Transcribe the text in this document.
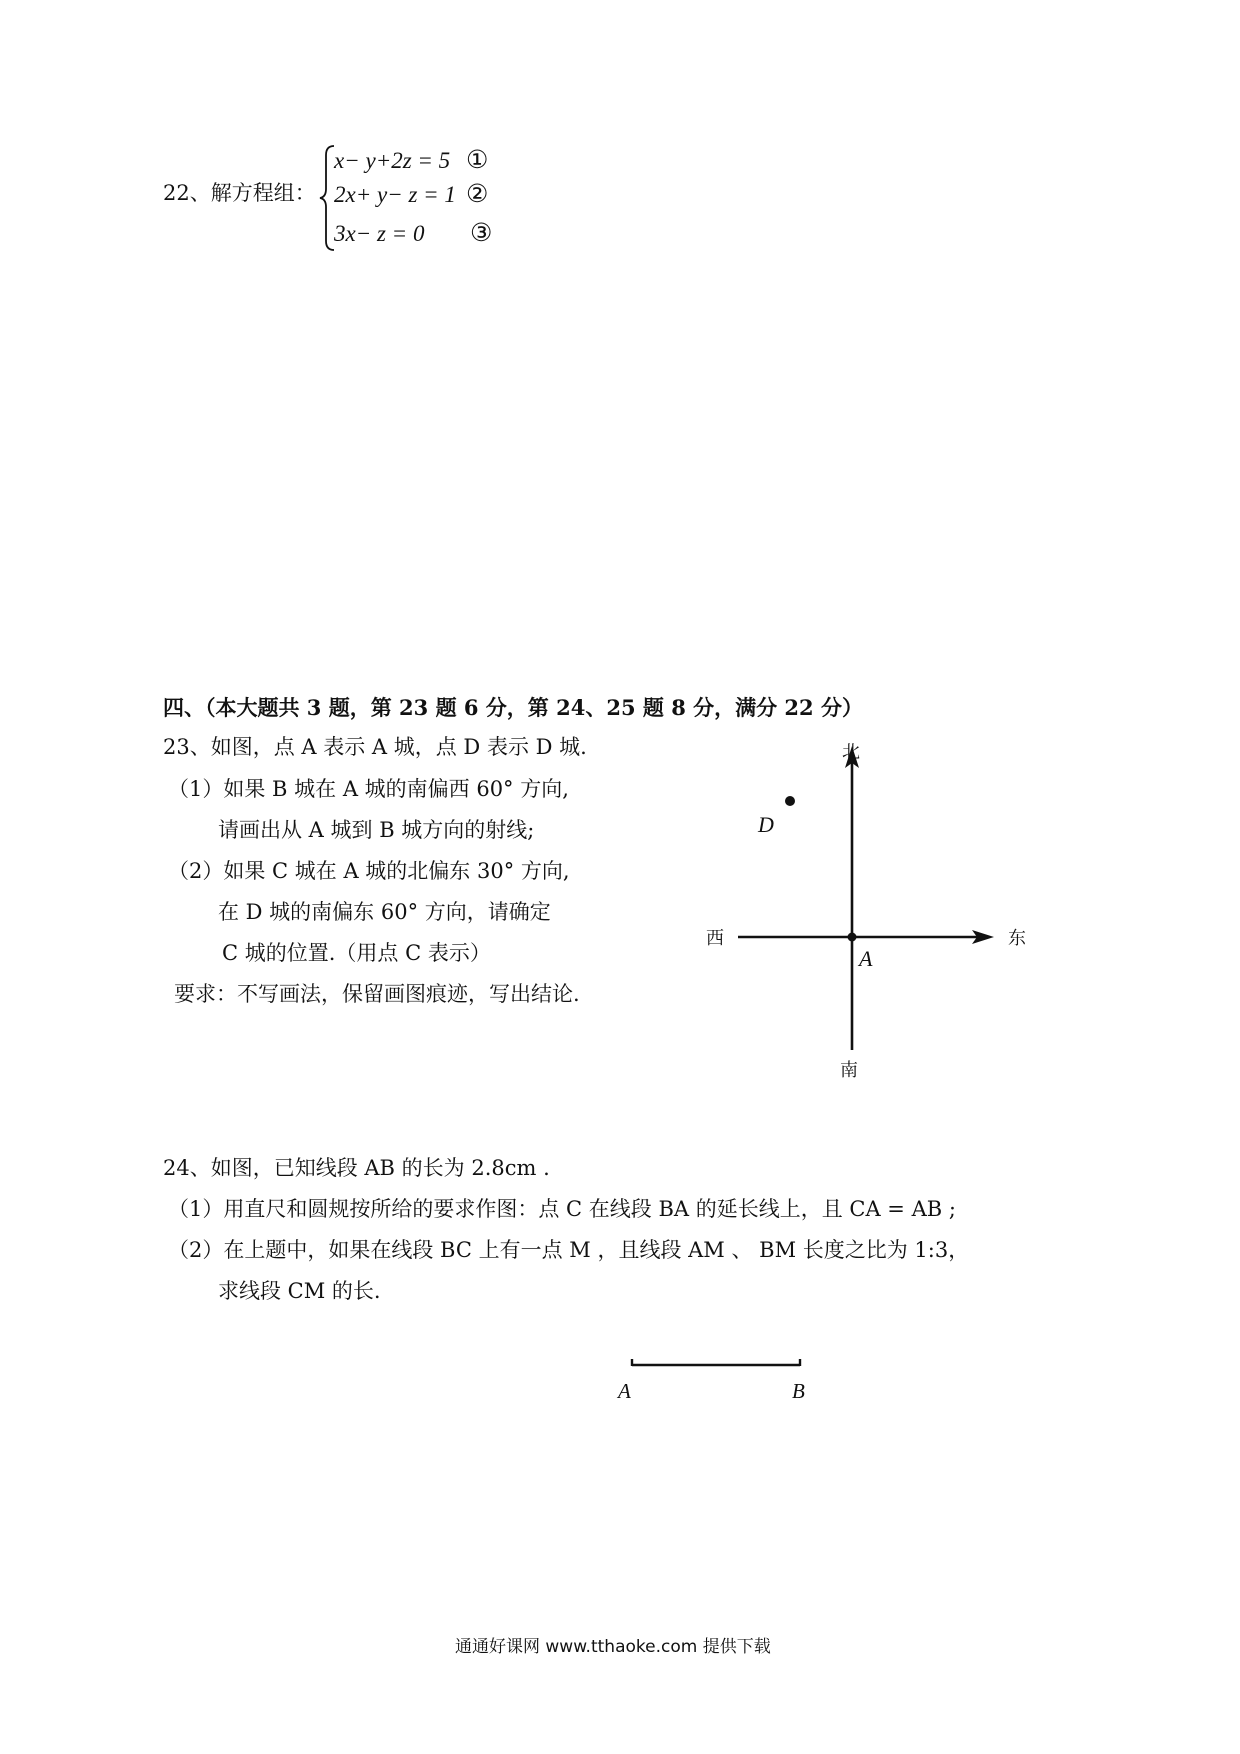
22、解方程组：
x− y+2z = 5 ①
2x+ y− z = 1 ②
3x− z = 0 ③
四、（本大题共 3 题，第 23 题 6 分，第 24、25 题 8 分，满分 22 分）
23、如图，点 A 表示 A 城，点 D 表示 D 城.
（1）如果 B 城在 A 城的南偏西 60° 方向,
请画出从 A 城到 B 城方向的射线;
（2）如果 C 城在 A 城的北偏东 30° 方向,
在 D 城的南偏东 60° 方向，请确定
C 城的位置.（用点 C 表示）
要求：不写画法，保留画图痕迹，写出结论.
北
南
西	东
A
D
24、如图，已知线段 AB 的长为 2.8cm .
（1）用直尺和圆规按所给的要求作图：点 C 在线段 BA 的延长线上，且 CA = AB ;
（2）在上题中，如果在线段 BC 上有一点 M ，且线段 AM 、 BM 长度之比为 1:3，
求线段 CM 的长.
A	B
通通好课网 www.tthaoke.com 提供下载
